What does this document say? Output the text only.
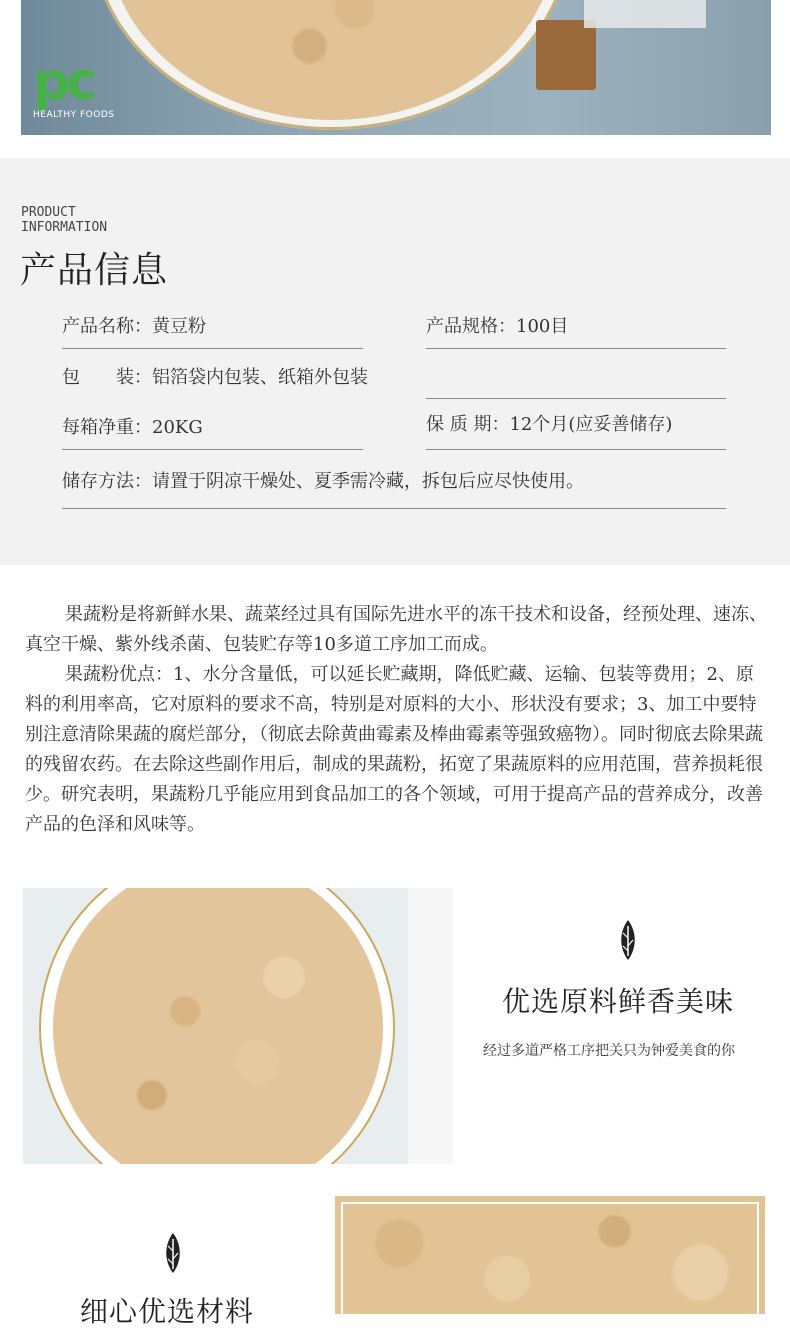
pc
HEALTHY FOODS
PRODUCT
INFORMATION
产品信息
产品名称：黄豆粉	产品规格：100目
包　　装：铝箔袋内包装、纸箱外包装
每箱净重：20KG	保 质 期：12个月(应妥善储存)
储存方法：请置于阴凉干燥处、夏季需冷藏，拆包后应尽快使用。

果蔬粉是将新鲜水果、蔬菜经过具有国际先进水平的冻干技术和设备，经预处理、速冻、真空干燥、紫外线杀菌、包装贮存等10多道工序加工而成。

果蔬粉优点：1、水分含量低，可以延长贮藏期，降低贮藏、运输、包装等费用；2、原料的利用率高，它对原料的要求不高，特别是对原料的大小、形状没有要求；3、加工中要特别注意清除果蔬的腐烂部分，（彻底去除黄曲霉素及棒曲霉素等强致癌物）。同时彻底去除果蔬的残留农药。在去除这些副作用后，制成的果蔬粉，拓宽了果蔬原料的应用范围，营养损耗很少。研究表明，果蔬粉几乎能应用到食品加工的各个领域，可用于提高产品的营养成分，改善产品的色泽和风味等。

优选原料鲜香美味
经过多道严格工序把关只为钟爱美食的你
细心优选材料
